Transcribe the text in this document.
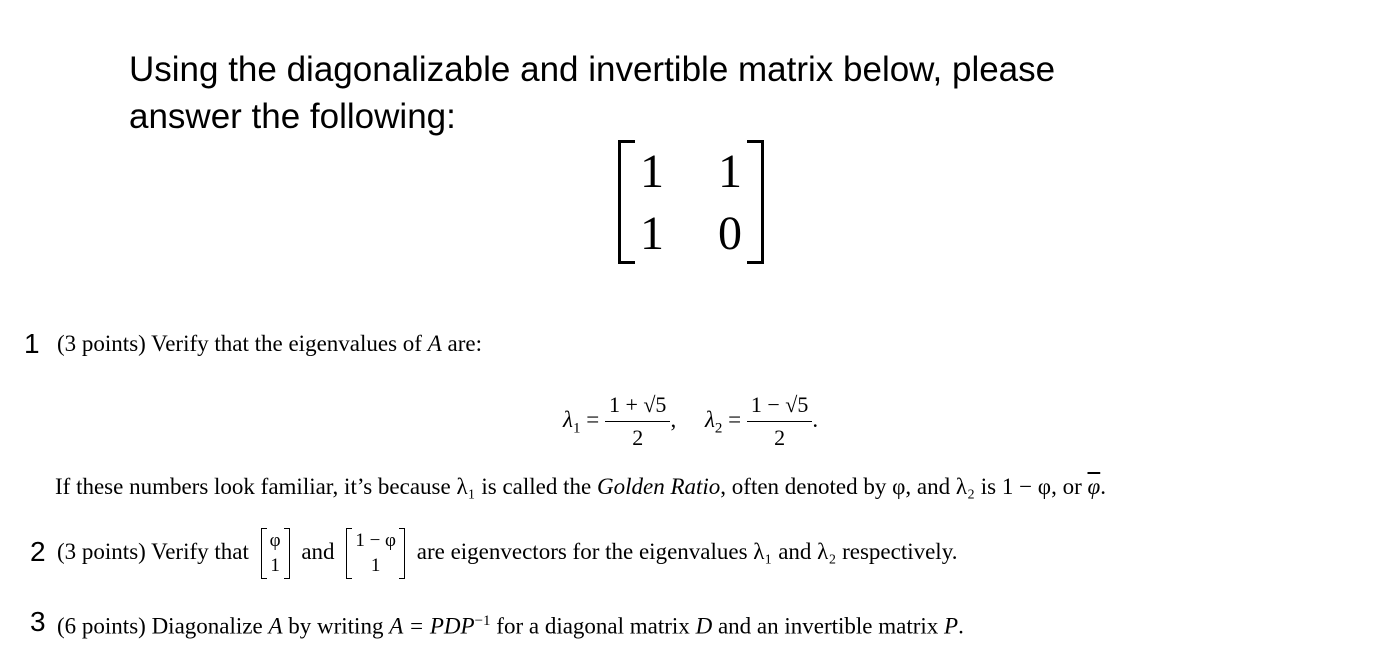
Using the diagonalizable and invertible matrix below, please
answer the following:
1 1
1 0
1 (3 points) Verify that the eigenvalues of A are:
$\lambda_1 = \frac{1 + √5}{2}$ ,     $\lambda_2 = \frac{1 - √5}{2}$ .
If these numbers look familiar, it’s because λ₁ is called the Golden Ratio, often denoted by φ, and λ₂ is 1 − φ, or $\overline{\varphi}$.
2 (3 points) Verify that φ
1
and 1 − φ
1
are eigenvectors for the eigenvalues λ₁ and λ₂ respectively.
3 (6 points) Diagonalize A by writing $A = PDP^{-1}$ for a diagonal matrix D and an invertible matrix P.
